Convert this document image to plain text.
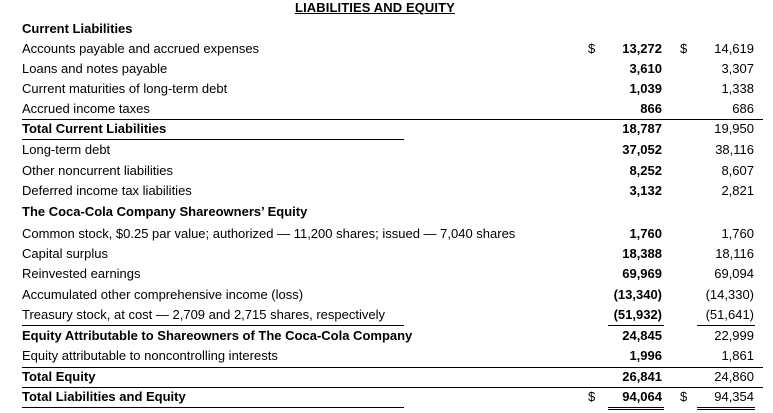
LIABILITIES AND EQUITY
Current Liabilities
Accounts payable and accrued expenses	$ 13,272 $ 14,619
Loans and notes payable	3,610	3,307
Current maturities of long-term debt	1,039	1,338
Accrued income taxes	866	686
Total Current Liabilities	18,787	19,950
Long-term debt	37,052	38,116
Other noncurrent liabilities	8,252	8,607
Deferred income tax liabilities	3,132	2,821
The Coca-Cola Company Shareowners’ Equity
Common stock, $0.25 par value; authorized — 11,200 shares; issued — 7,040 shares	1,760	1,760
Capital surplus	18,388	18,116
Reinvested earnings	69,969	69,094
Accumulated other comprehensive income (loss)	(13,340)	(14,330)
Treasury stock, at cost — 2,709 and 2,715 shares, respectively	(51,932)	(51,641)
Equity Attributable to Shareowners of The Coca-Cola Company	24,845	22,999
Equity attributable to noncontrolling interests	1,996	1,861
Total Equity	26,841	24,860
Total Liabilities and Equity	$ 94,064 $ 94,354
